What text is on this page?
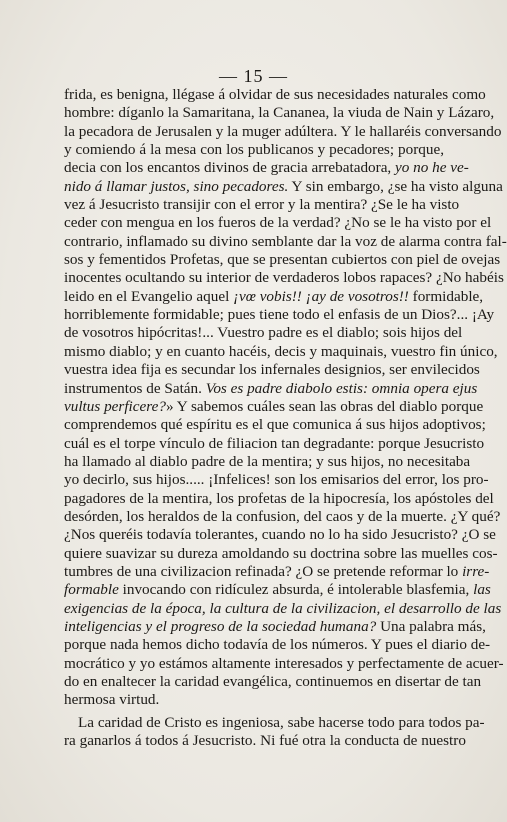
— 15 —
frida, es benigna, llégase á olvidar de sus necesidades naturales como
hombre: díganlo la Samaritana, la Cananea, la viuda de Nain y Lázaro,
la pecadora de Jerusalen y la muger adúltera. Y le hallaréis conversando
y comiendo á la mesa con los publicanos y pecadores; porque,
decia con los encantos divinos de gracia arrebatadora, yo no he ve-
nido á llamar justos, sino pecadores. Y sin embargo, ¿se ha visto alguna
vez á Jesucristo transijir con el error y la mentira? ¿Se le ha visto
ceder con mengua en los fueros de la verdad? ¿No se le ha visto por el
contrario, inflamado su divino semblante dar la voz de alarma contra fal-
sos y fementidos Profetas, que se presentan cubiertos con piel de ovejas
inocentes ocultando su interior de verdaderos lobos rapaces? ¿No habéis
leido en el Evangelio aquel ¡vœ vobis!! ¡ay de vosotros!! formidable,
horriblemente formidable; pues tiene todo el enfasis de un Dios?... ¡Ay
de vosotros hipócritas!... Vuestro padre es el diablo; sois hijos del
mismo diablo; y en cuanto hacéis, decis y maquinais, vuestro fin único,
vuestra idea fija es secundar los infernales designios, ser envilecidos
instrumentos de Satán. Vos es padre diabolo estis: omnia opera ejus
vultus perficere?» Y sabemos cuáles sean las obras del diablo porque
comprendemos qué espíritu es el que comunica á sus hijos adoptivos;
cuál es el torpe vínculo de filiacion tan degradante: porque Jesucristo
ha llamado al diablo padre de la mentira; y sus hijos, no necesitaba
yo decirlo, sus hijos..... ¡Infelices! son los emisarios del error, los pro-
pagadores de la mentira, los profetas de la hipocresía, los apóstoles del
desórden, los heraldos de la confusion, del caos y de la muerte. ¿Y qué?
¿Nos queréis todavía tolerantes, cuando no lo ha sido Jesucristo? ¿O se
quiere suavizar su dureza amoldando su doctrina sobre las muelles cos-
tumbres de una civilizacion refinada? ¿O se pretende reformar lo irre-
formable invocando con ridículez absurda, é intolerable blasfemia, las
exigencias de la época, la cultura de la civilizacion, el desarrollo de las
inteligencias y el progreso de la sociedad humana? Una palabra más,
porque nada hemos dicho todavía de los números. Y pues el diario de-
mocrático y yo estámos altamente interesados y perfectamente de acuer-
do en enaltecer la caridad evangélica, continuemos en disertar de tan
hermosa virtud.
La caridad de Cristo es ingeniosa, sabe hacerse todo para todos pa-
ra ganarlos á todos á Jesucristo. Ni fué otra la conducta de nuestro
